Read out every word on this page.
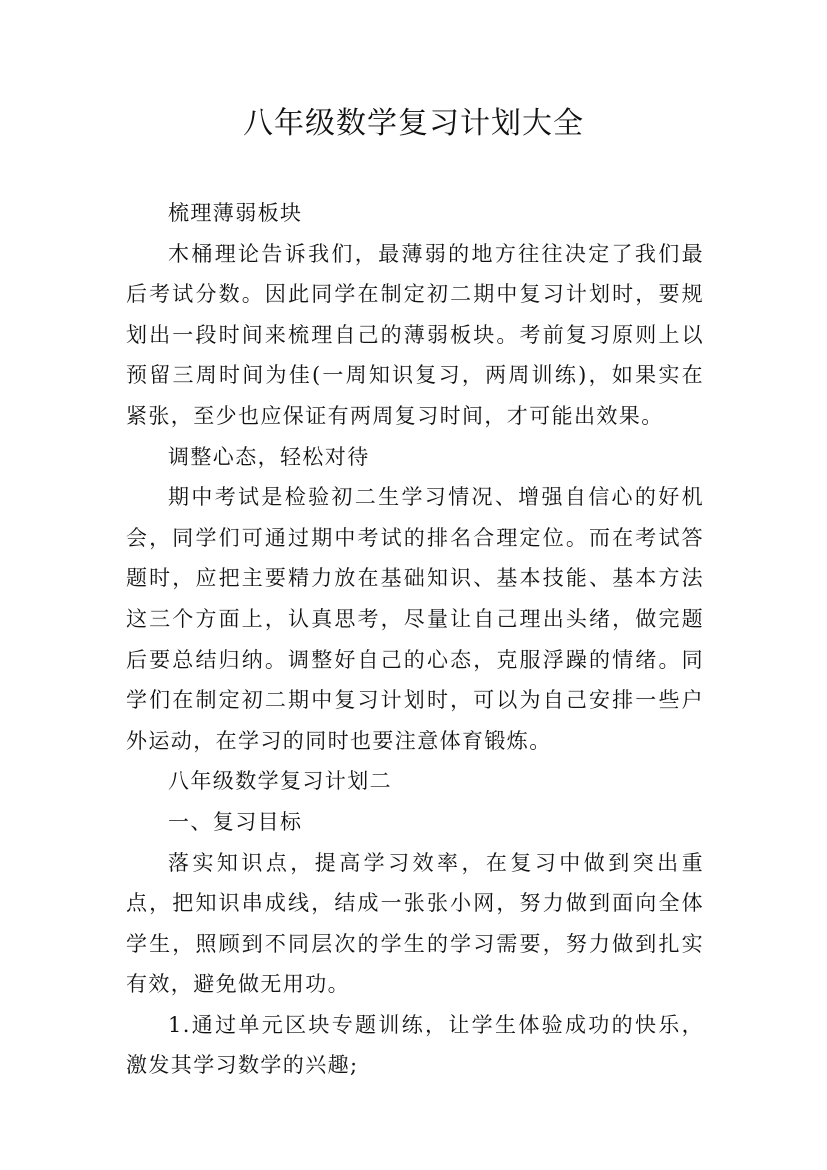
八年级数学复习计划大全

梳理薄弱板块

木桶理论告诉我们，最薄弱的地方往往决定了我们最后考试分数。因此同学在制定初二期中复习计划时，要规划出一段时间来梳理自己的薄弱板块。考前复习原则上以预留三周时间为佳(一周知识复习，两周训练)，如果实在紧张，至少也应保证有两周复习时间，才可能出效果。

调整心态，轻松对待

期中考试是检验初二生学习情况、增强自信心的好机会，同学们可通过期中考试的排名合理定位。而在考试答题时，应把主要精力放在基础知识、基本技能、基本方法这三个方面上，认真思考，尽量让自己理出头绪，做完题后要总结归纳。调整好自己的心态，克服浮躁的情绪。同学们在制定初二期中复习计划时，可以为自己安排一些户外运动，在学习的同时也要注意体育锻炼。

八年级数学复习计划二

一、复习目标

落实知识点，提高学习效率，在复习中做到突出重点，把知识串成线，结成一张张小网，努力做到面向全体学生，照顾到不同层次的学生的学习需要，努力做到扎实有效，避免做无用功。

1.通过单元区块专题训练，让学生体验成功的快乐，激发其学习数学的兴趣;
